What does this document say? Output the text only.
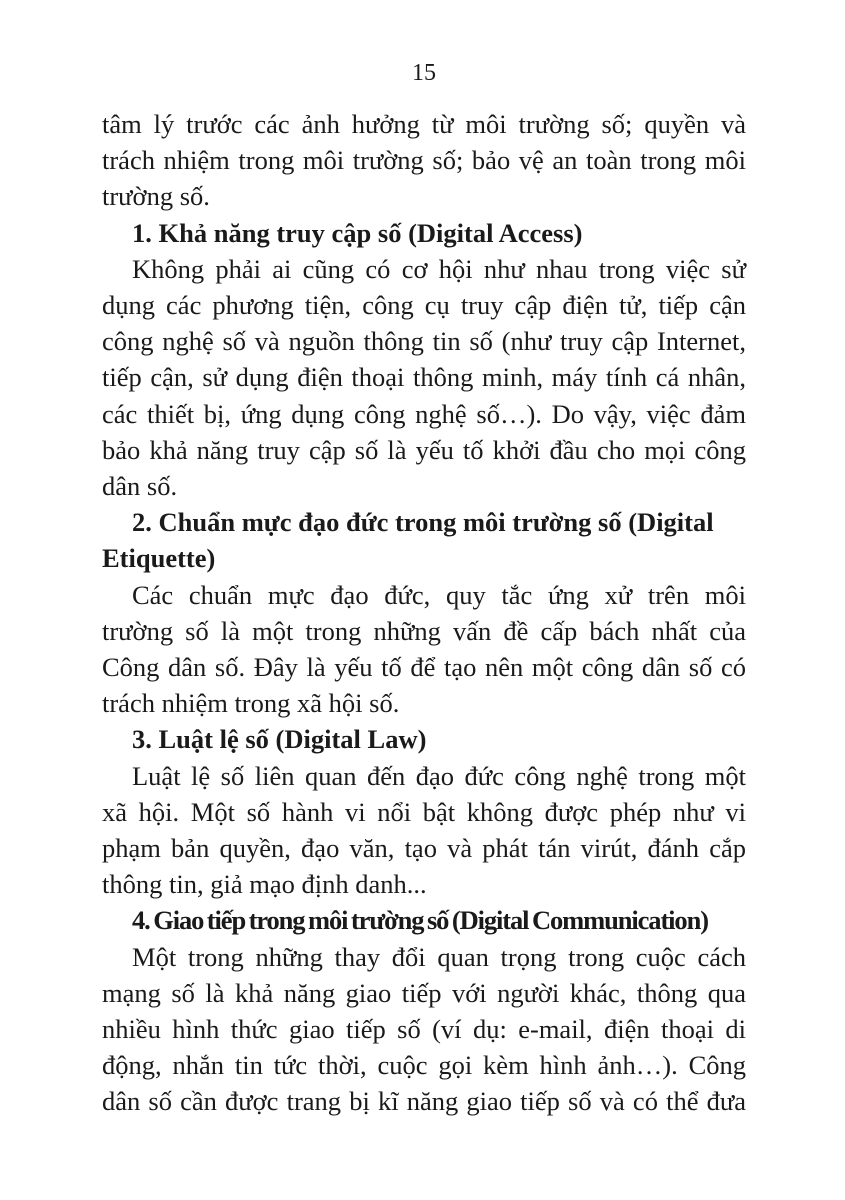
15
tâm lý trước các ảnh hưởng từ môi trường số; quyền và
trách nhiệm trong môi trường số; bảo vệ an toàn trong môi
trường số.
1. Khả năng truy cập số (Digital Access)
Không phải ai cũng có cơ hội như nhau trong việc sử
dụng các phương tiện, công cụ truy cập điện tử, tiếp cận
công nghệ số và nguồn thông tin số (như truy cập Internet,
tiếp cận, sử dụng điện thoại thông minh, máy tính cá nhân,
các thiết bị, ứng dụng công nghệ số…). Do vậy, việc đảm
bảo khả năng truy cập số là yếu tố khởi đầu cho mọi công
dân số.
2. Chuẩn mực đạo đức trong môi trường số (Digital
Etiquette)
Các chuẩn mực đạo đức, quy tắc ứng xử trên môi
trường số là một trong những vấn đề cấp bách nhất của
Công dân số. Đây là yếu tố để tạo nên một công dân số có
trách nhiệm trong xã hội số.
3. Luật lệ số (Digital Law)
Luật lệ số liên quan đến đạo đức công nghệ trong một
xã hội. Một số hành vi nổi bật không được phép như vi
phạm bản quyền, đạo văn, tạo và phát tán virút, đánh cắp
thông tin, giả mạo định danh...
4. Giao tiếp trong môi trường số (Digital Communication)
Một trong những thay đổi quan trọng trong cuộc cách
mạng số là khả năng giao tiếp với người khác, thông qua
nhiều hình thức giao tiếp số (ví dụ: e-mail, điện thoại di
động, nhắn tin tức thời, cuộc gọi kèm hình ảnh…). Công
dân số cần được trang bị kĩ năng giao tiếp số và có thể đưa
